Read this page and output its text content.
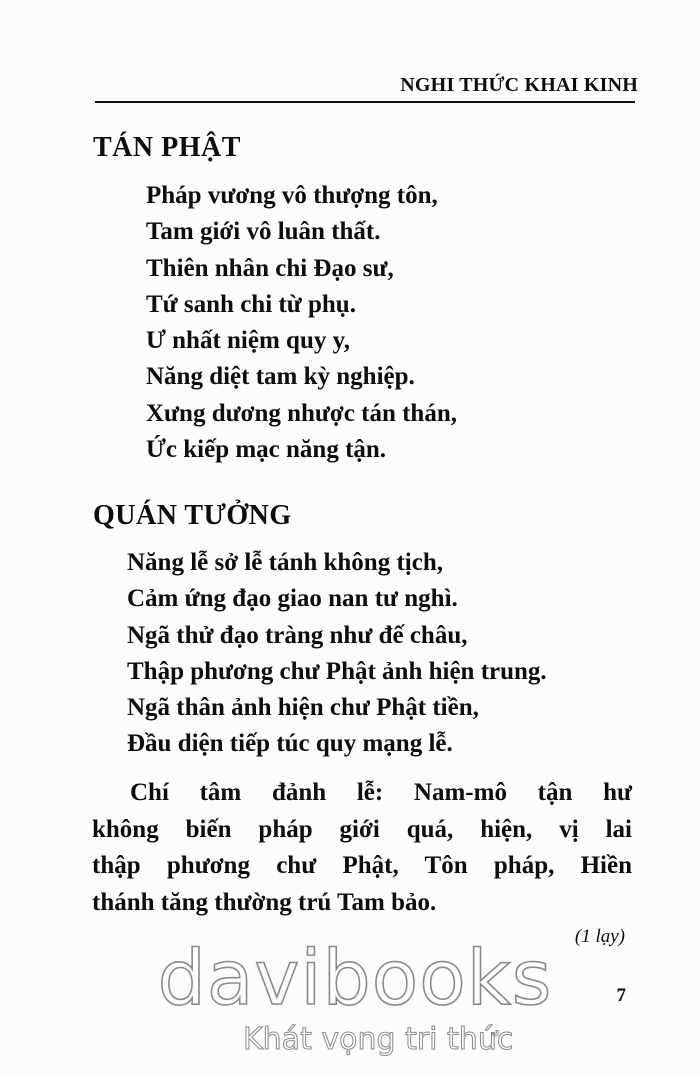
NGHI THỨC KHAI KINH
TÁN PHẬT
Pháp vương vô thượng tôn,
Tam giới vô luân thất.
Thiên nhân chi Đạo sư,
Tứ sanh chi từ phụ.
Ư nhất niệm quy y,
Năng diệt tam kỳ nghiệp.
Xưng dương nhược tán thán,
Ức kiếp mạc năng tận.
QUÁN TƯỞNG
Năng lễ sở lễ tánh không tịch,
Cảm ứng đạo giao nan tư nghì.
Ngã thử đạo tràng như đế châu,
Thập phương chư Phật ảnh hiện trung.
Ngã thân ảnh hiện chư Phật tiền,
Đầu diện tiếp túc quy mạng lễ.

Chí tâm đảnh lễ: Nam-mô tận hư
không biến pháp giới quá, hiện, vị lai
thập phương chư Phật, Tôn pháp, Hiền
thánh tăng thường trú Tam bảo.

(1 lạy)
7
davibooks
Khát vọng tri thức
